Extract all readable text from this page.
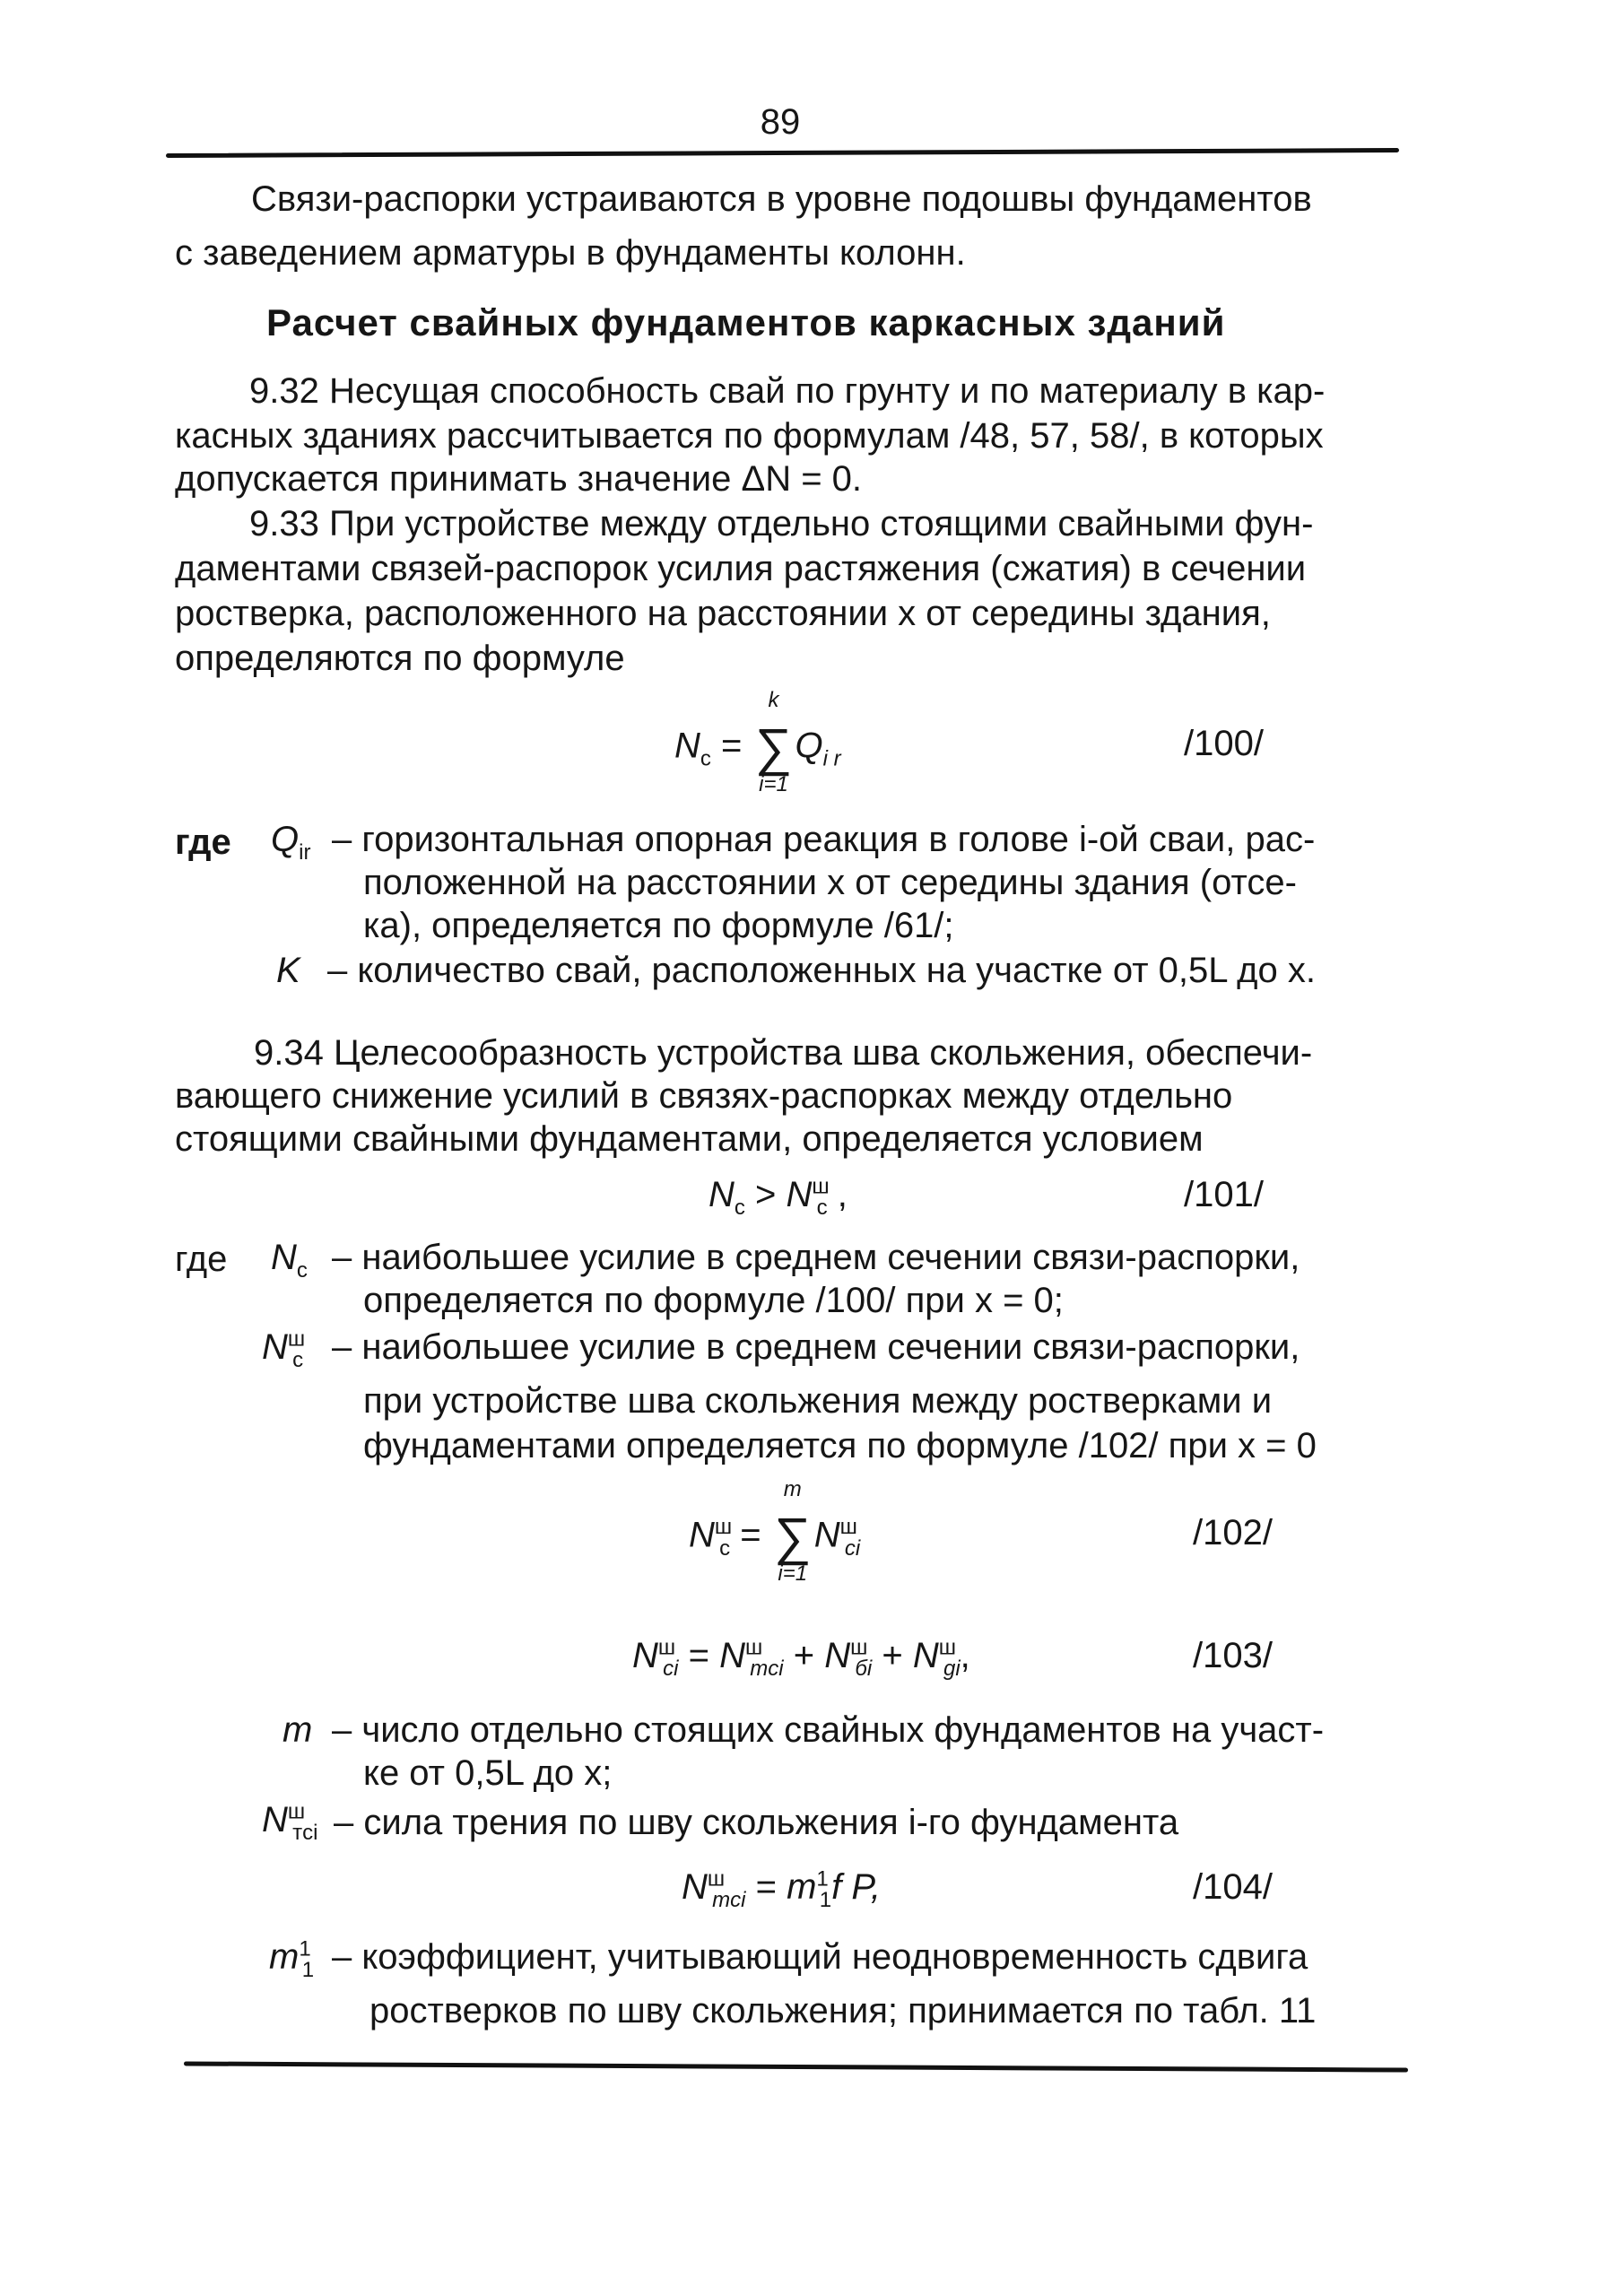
89
Связи-распорки устраиваются в уровне подошвы фундаментов
с заведением арматуры в фундаменты колонн.
Расчет свайных фундаментов каркасных зданий
9.32 Несущая способность свай по грунту и по материалу в кар-
касных зданиях рассчитывается по формулам /48, 57, 58/, в которых
допускается принимать значение ΔN = 0.
9.33 При устройстве между отдельно стоящими свайными фун-
даментами связей-распорок усилия растяжения (сжатия) в сечении
ростверка, расположенного на расстоянии x от середины здания,
определяются по формуле
$N_c$ =
k
∑
i=1
$Q_{i r}$	/100/
где $Q_{ir}$ – горизонтальная опорная реакция в голове i-ой сваи, рас-
положенной на расстоянии x от середины здания (отсе-
ка), определяется по формуле /61/;
K – количество свай, расположенных на участке от 0,5L до x.
9.34 Целесообразность устройства шва скольжения, обеспечи-
вающего снижение усилий в связях-распорках между отдельно
стоящими свайными фундаментами, определяется условием
$N_c > N^ш_c$ ,	/101/
где $N_c$ – наибольшее усилие в среднем сечении связи-распорки,
определяется по формуле /100/ при x = 0;
$N^ш_c$ – наибольшее усилие в среднем сечении связи-распорки,
при устройстве шва скольжения между ростверками и
фундаментами определяется по формуле /102/ при x = 0
$N^ш_c$ =
m
∑
i=1
$N^ш_{ci}$	/102/
$N^ш_{ci} = N^ш_{тci} + N^ш_{бi} + N^ш_{gi}$,	/103/
m – число отдельно стоящих свайных фундаментов на участ-
ке от 0,5L до x;
$N^ш_{тci}$ – сила трения по шву скольжения i-го фундамента
$N^ш_{тci} = m^1_1f$ P,	/104/
$m^1_1$ – коэффициент, учитывающий неодновременность сдвига
ростверков по шву скольжения; принимается по табл. 11
